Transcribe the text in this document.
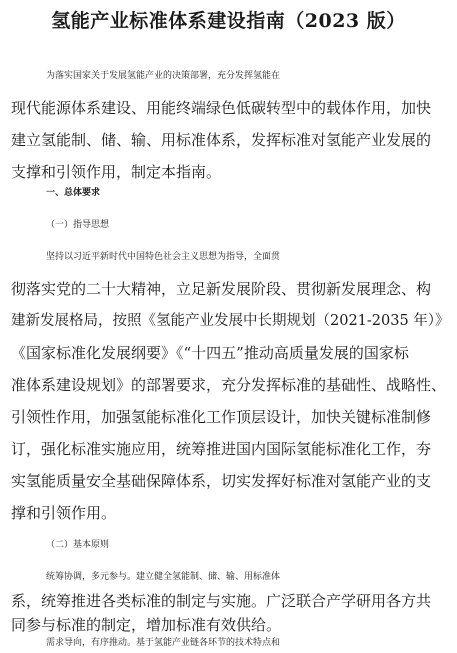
氢能产业标准体系建设指南（2023 版）
为落实国家关于发展氢能产业的决策部署，充分发挥氢能在
现代能源体系建设、用能终端绿色低碳转型中的载体作用，加快
建立氢能制、储、输、用标准体系，发挥标准对氢能产业发展的
支撑和引领作用，制定本指南。
一、总体要求
（一）指导思想
坚持以习近平新时代中国特色社会主义思想为指导，全面贯
彻落实党的二十大精神，立足新发展阶段、贯彻新发展理念、构
建新发展格局，按照《氢能产业发展中长期规划（2021-2035 年）》
《国家标准化发展纲要》《“十四五”推动高质量发展的国家标
准体系建设规划》的部署要求，充分发挥标准的基础性、战略性、
引领性作用，加强氢能标准化工作顶层设计，加快关键标准制修
订，强化标准实施应用，统筹推进国内国际氢能标准化工作，夯
实氢能质量安全基础保障体系，切实发挥好标准对氢能产业的支
撑和引领作用。
（二）基本原则
统筹协调，多元参与。建立健全氢能制、储、输、用标准体
系，统筹推进各类标准的制定与实施。广泛联合产学研用各方共
同参与标准的制定，增加标准有效供给。
需求导向，有序推动。基于氢能产业链各环节的技术特点和
